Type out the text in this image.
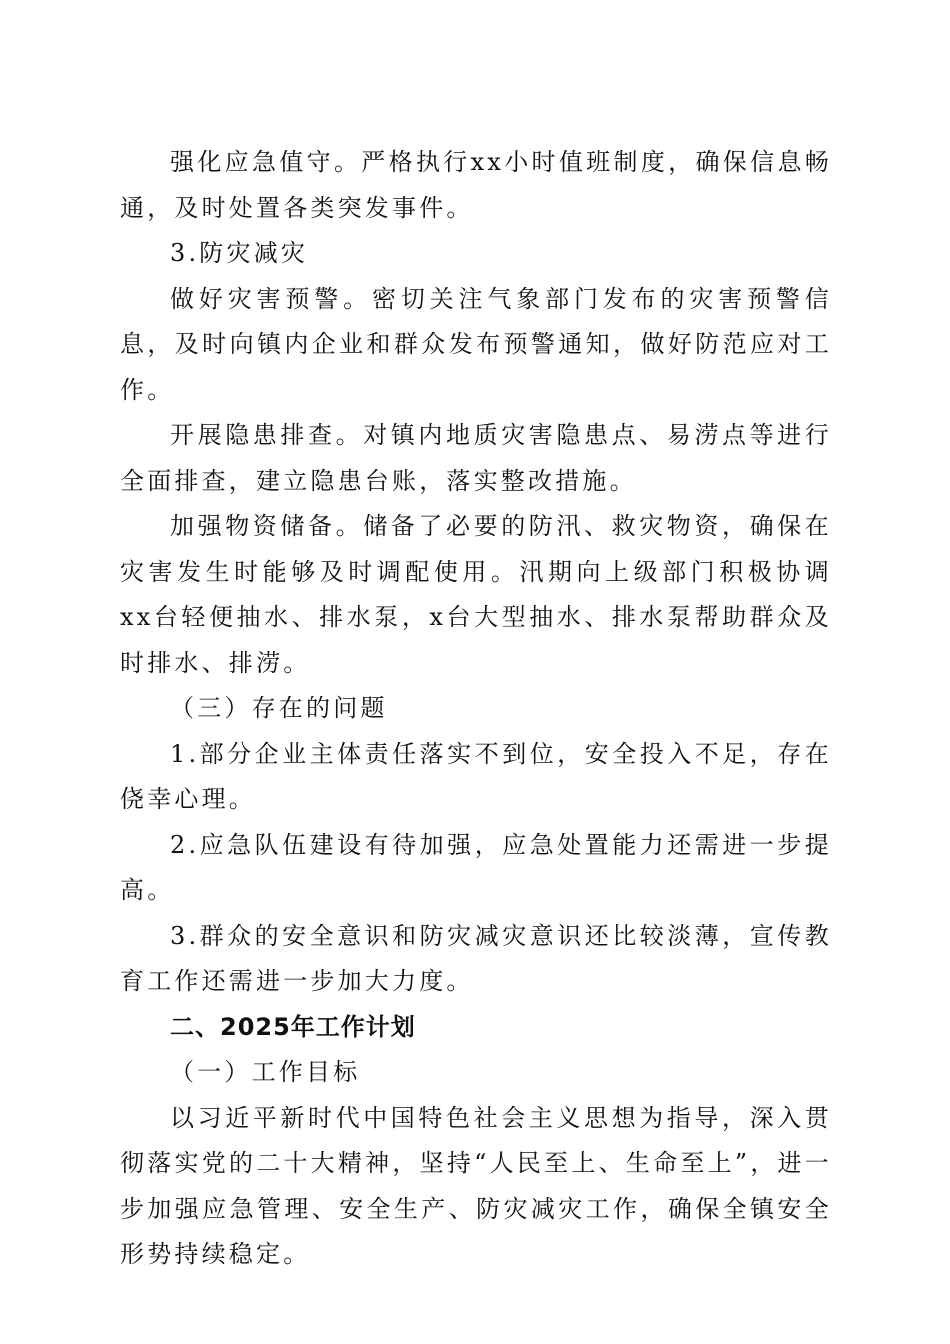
强化应急值守。严格执行xx小时值班制度，确保信息畅通，及时处置各类突发事件。

3.防灾减灾

做好灾害预警。密切关注气象部门发布的灾害预警信息，及时向镇内企业和群众发布预警通知，做好防范应对工作。

开展隐患排查。对镇内地质灾害隐患点、易涝点等进行全面排查，建立隐患台账，落实整改措施。

加强物资储备。储备了必要的防汛、救灾物资，确保在灾害发生时能够及时调配使用。汛期向上级部门积极协调xx台轻便抽水、排水泵，x台大型抽水、排水泵帮助群众及时排水、排涝。

（三）存在的问题

1.部分企业主体责任落实不到位，安全投入不足，存在侥幸心理。

2.应急队伍建设有待加强，应急处置能力还需进一步提高。

3.群众的安全意识和防灾减灾意识还比较淡薄，宣传教育工作还需进一步加大力度。

二、2025年工作计划

（一）工作目标

以习近平新时代中国特色社会主义思想为指导，深入贯彻落实党的二十大精神，坚持“人民至上、生命至上”，进一步加强应急管理、安全生产、防灾减灾工作，确保全镇安全形势持续稳定。
